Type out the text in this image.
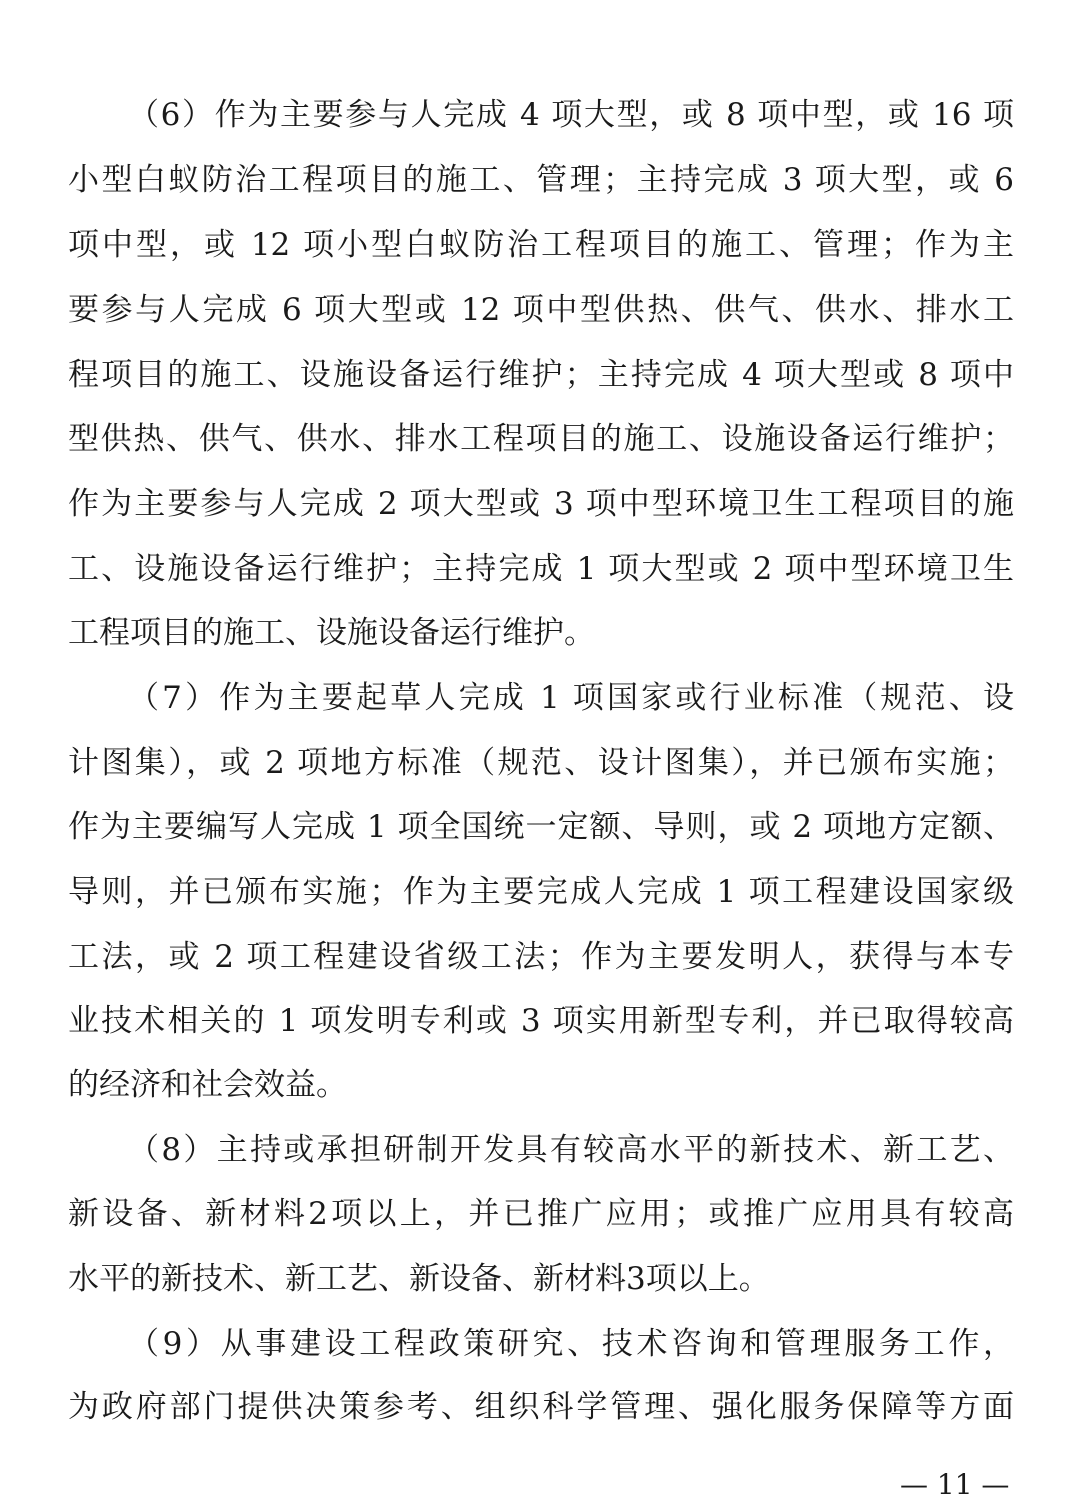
（6）作为主要参与人完成 4 项大型，或 8 项中型，或 16 项
小型白蚁防治工程项目的施工、管理；主持完成 3 项大型，或 6
项中型，或 12 项小型白蚁防治工程项目的施工、管理；作为主
要参与人完成 6 项大型或 12 项中型供热、供气、供水、排水工
程项目的施工、设施设备运行维护；主持完成 4 项大型或 8 项中
型供热、供气、供水、排水工程项目的施工、设施设备运行维护；
作为主要参与人完成 2 项大型或 3 项中型环境卫生工程项目的施
工、设施设备运行维护；主持完成 1 项大型或 2 项中型环境卫生
工程项目的施工、设施设备运行维护。
（7）作为主要起草人完成 1 项国家或行业标准（规范、设
计图集），或 2 项地方标准（规范、设计图集），并已颁布实施；
作为主要编写人完成 1 项全国统一定额、导则，或 2 项地方定额、
导则，并已颁布实施；作为主要完成人完成 1 项工程建设国家级
工法，或 2 项工程建设省级工法；作为主要发明人，获得与本专
业技术相关的 1 项发明专利或 3 项实用新型专利，并已取得较高
的经济和社会效益。
（8）主持或承担研制开发具有较高水平的新技术、新工艺、
新设备、新材料2项以上，并已推广应用；或推广应用具有较高
水平的新技术、新工艺、新设备、新材料3项以上。
（9）从事建设工程政策研究、技术咨询和管理服务工作，
为政府部门提供决策参考、组织科学管理、强化服务保障等方面
— 11 —
